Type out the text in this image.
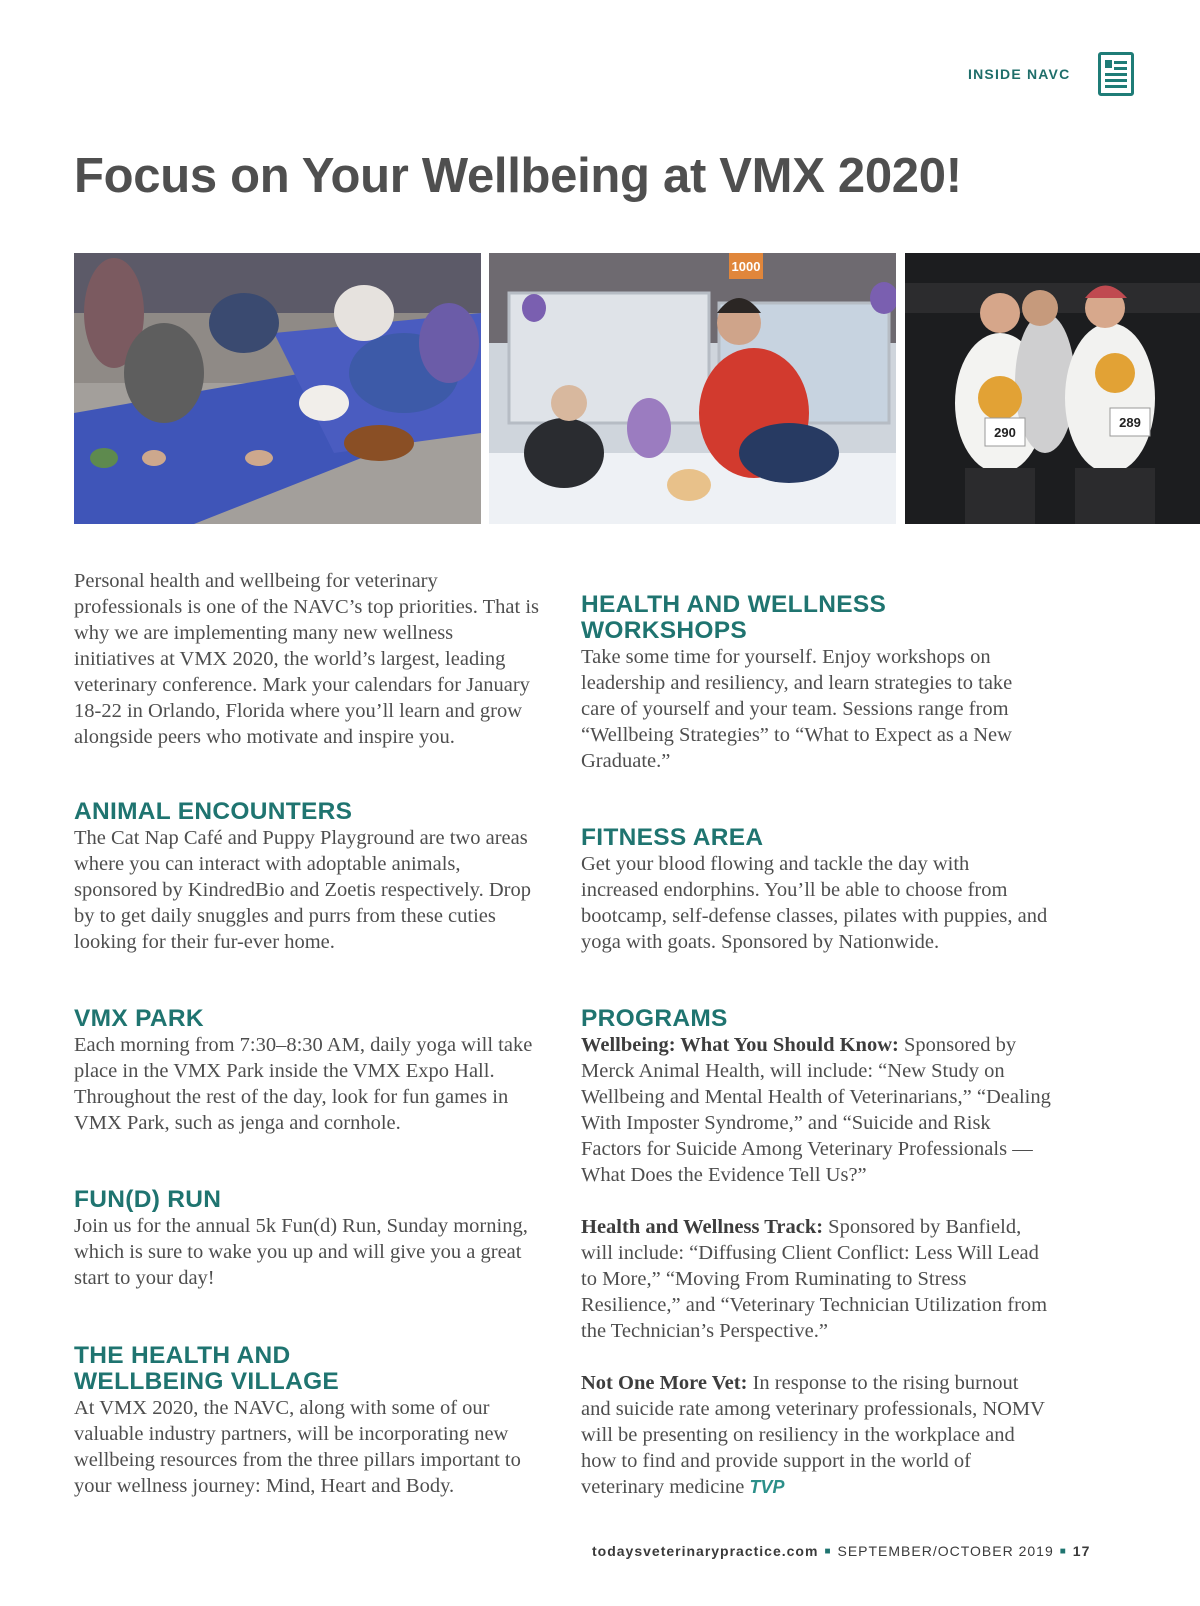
INSIDE NAVC
Focus on Your Wellbeing at VMX 2020!
1000
290
289

Personal health and wellbeing for veterinary professionals is one of the NAVC’s top priorities. That is why we are implementing many new wellness initiatives at VMX 2020, the world’s largest, leading veterinary conference. Mark your calendars for January 18-22 in Orlando, Florida where you’ll learn and grow alongside peers who motivate and inspire you.

ANIMAL ENCOUNTERS

The Cat Nap Café and Puppy Playground are two areas where you can interact with adoptable animals, sponsored by KindredBio and Zoetis respectively. Drop by to get daily snuggles and purrs from these cuties looking for their fur-ever home.

VMX PARK

Each morning from 7:30–8:30 AM, daily yoga will take place in the VMX Park inside the VMX Expo Hall. Throughout the rest of the day, look for fun games in VMX Park, such as jenga and cornhole.

FUN(D) RUN

Join us for the annual 5k Fun(d) Run, Sunday morning, which is sure to wake you up and will give you a great start to your day!

THE HEALTH AND WELLBEING VILLAGE

At VMX 2020, the NAVC, along with some of our valuable industry partners, will be incorporating new wellbeing resources from the three pillars important to your wellness journey: Mind, Heart and Body.

HEALTH AND WELLNESS WORKSHOPS

Take some time for yourself. Enjoy workshops on leadership and resiliency, and learn strategies to take care of yourself and your team. Sessions range from “Wellbeing Strategies” to “What to Expect as a New Graduate.”

FITNESS AREA

Get your blood flowing and tackle the day with increased endorphins. You’ll be able to choose from bootcamp, self-defense classes, pilates with puppies, and yoga with goats. Sponsored by Nationwide.

PROGRAMS

Wellbeing: What You Should Know: Sponsored by Merck Animal Health, will include: “New Study on Wellbeing and Mental Health of Veterinarians,” “Dealing With Imposter Syndrome,” and “Suicide and Risk Factors for Suicide Among Veterinary Professionals — What Does the Evidence Tell Us?”

Health and Wellness Track: Sponsored by Banfield, will include: “Diffusing Client Conflict: Less Will Lead to More,” “Moving From Ruminating to Stress Resilience,” and “Veterinary Technician Utilization from the Technician’s Perspective.”

Not One More Vet: In response to the rising burnout and suicide rate among veterinary professionals, NOMV will be presenting on resiliency in the workplace and how to find and provide support in the world of veterinary medicine TVP

todaysveterinarypractice.com ■ SEPTEMBER/OCTOBER 2019 ■ 17
